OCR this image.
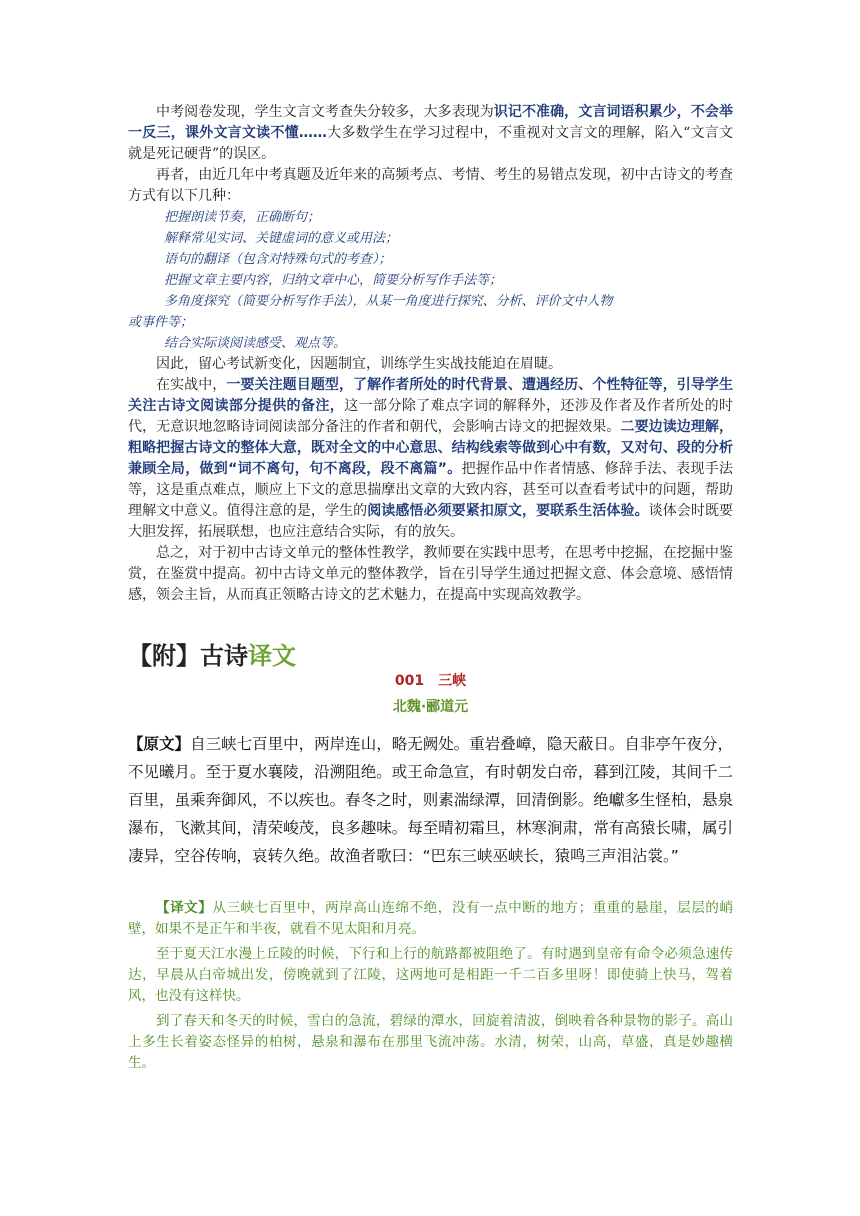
中考阅卷发现，学生文言文考查失分较多，大多表现为识记不准确，文言词语积累少，不会举一反三，课外文言文读不懂……大多数学生在学习过程中，不重视对文言文的理解，陷入“文言文就是死记硬背”的误区。

再者，由近几年中考真题及近年来的高频考点、考情、考生的易错点发现，初中古诗文的考查方式有以下几种：

把握朗读节奏，正确断句；
解释常见实词、关键虚词的意义或用法；
语句的翻译（包含对特殊句式的考查）；
把握文章主要内容，归纳文章中心，简要分析写作手法等；
多角度探究（简要分析写作手法），从某一角度进行探究、分析、评价文中人物
或事件等；
结合实际谈阅读感受、观点等。

因此，留心考试新变化，因题制宜，训练学生实战技能迫在眉睫。

在实战中，一要关注题目题型，了解作者所处的时代背景、遭遇经历、个性特征等，引导学生关注古诗文阅读部分提供的备注，这一部分除了难点字词的解释外，还涉及作者及作者所处的时代，无意识地忽略诗词阅读部分备注的作者和朝代，会影响古诗文的把握效果。二要边读边理解，粗略把握古诗文的整体大意，既对全文的中心意思、结构线索等做到心中有数，又对句、段的分析兼顾全局，做到“词不离句，句不离段，段不离篇”。把握作品中作者情感、修辞手法、表现手法等，这是重点难点，顺应上下文的意思揣摩出文章的大致内容，甚至可以查看考试中的问题，帮助理解文中意义。值得注意的是，学生的阅读感悟必须要紧扣原文，要联系生活体验。谈体会时既要大胆发挥，拓展联想，也应注意结合实际，有的放矢。

总之，对于初中古诗文单元的整体性教学，教师要在实践中思考，在思考中挖掘，在挖掘中鉴赏，在鉴赏中提高。初中古诗文单元的整体教学，旨在引导学生通过把握文意、体会意境、感悟情感，领会主旨，从而真正领略古诗文的艺术魅力，在提高中实现高效教学。

【附】古诗译文
001　三峡
北魏·郦道元
【原文】自三峡七百里中，两岸连山，略无阙处。重岩叠嶂，隐天蔽日。自非亭午夜分，不见曦月。至于夏水襄陵，沿溯阻绝。或王命急宣，有时朝发白帝，暮到江陵，其间千二百里，虽乘奔御风，不以疾也。春冬之时，则素湍绿潭，回清倒影。绝巘多生怪柏，悬泉瀑布，飞漱其间，清荣峻茂，良多趣味。每至晴初霜旦，林寒涧肃，常有高猿长啸，属引凄异，空谷传响，哀转久绝。故渔者歌曰：“巴东三峡巫峡长，猿鸣三声泪沾裳。”

【译文】从三峡七百里中，两岸高山连绵不绝，没有一点中断的地方；重重的悬崖，层层的峭壁，如果不是正午和半夜，就看不见太阳和月亮。

至于夏天江水漫上丘陵的时候，下行和上行的航路都被阻绝了。有时遇到皇帝有命令必须急速传达，早晨从白帝城出发，傍晚就到了江陵，这两地可是相距一千二百多里呀！即使骑上快马，驾着风，也没有这样快。

到了春天和冬天的时候，雪白的急流，碧绿的潭水，回旋着清波，倒映着各种景物的影子。高山上多生长着姿态怪异的柏树，悬泉和瀑布在那里飞流冲荡。水清，树荣，山高，草盛，真是妙趣横生。
